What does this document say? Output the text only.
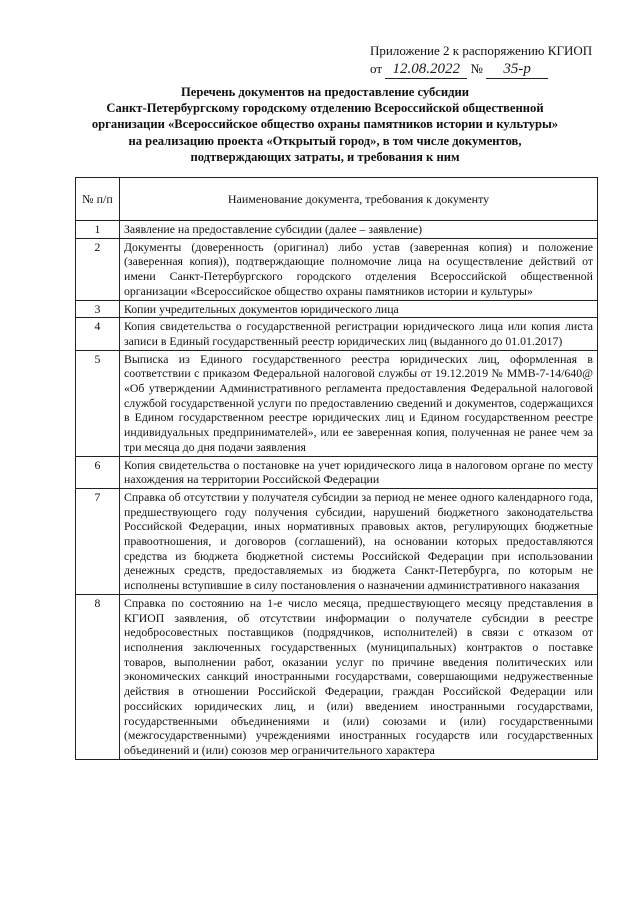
Приложение 2 к распоряжению КГИОП
от 12.08.2022 № 35-р
Перечень документов на предоставление субсидии
Санкт-Петербургскому городскому отделению Всероссийской общественной
организации «Всероссийское общество охраны памятников истории и культуры»
на реализацию проекта «Открытый город», в том числе документов,
подтверждающих затраты, и требования к ним
№ п/п	Наименование документа, требования к документу
1	Заявление на предоставление субсидии (далее – заявление)
2	Документы (доверенность (оригинал) либо устав (заверенная копия) и положение (заверенная копия)), подтверждающие полномочие лица на осуществление действий от имени Санкт-Петербургского городского отделения Всероссийской общественной организации «Всероссийское общество охраны памятников истории и культуры»
3	Копии учредительных документов юридического лица
4	Копия свидетельства о государственной регистрации юридического лица или копия листа записи в Единый государственный реестр юридических лиц (выданного до 01.01.2017)
5	Выписка из Единого государственного реестра юридических лиц, оформленная в соответствии с приказом Федеральной налоговой службы от 19.12.2019 № ММВ-7-14/640@ «Об утверждении Административного регламента предоставления Федеральной налоговой службой государственной услуги по предоставлению сведений и документов, содержащихся в Едином государственном реестре юридических лиц и Едином государственном реестре индивидуальных предпринимателей», или ее заверенная копия, полученная не ранее чем за три месяца до дня подачи заявления
6	Копия свидетельства о постановке на учет юридического лица в налоговом органе по месту нахождения на территории Российской Федерации
7	Справка об отсутствии у получателя субсидии за период не менее одного календарного года, предшествующего году получения субсидии, нарушений бюджетного законодательства Российской Федерации, иных нормативных правовых актов, регулирующих бюджетные правоотношения, и договоров (соглашений), на основании которых предоставляются средства из бюджета бюджетной системы Российской Федерации при использовании денежных средств, предоставляемых из бюджета Санкт-Петербурга, по которым не исполнены вступившие в силу постановления о назначении административного наказания
8	Справка по состоянию на 1-е число месяца, предшествующего месяцу представления в КГИОП заявления, об отсутствии информации о получателе субсидии в реестре недобросовестных поставщиков (подрядчиков, исполнителей) в связи с отказом от исполнения заключенных государственных (муниципальных) контрактов о поставке товаров, выполнении работ, оказании услуг по причине введения политических или экономических санкций иностранными государствами, совершающими недружественные действия в отношении Российской Федерации, граждан Российской Федерации или российских юридических лиц, и (или) введением иностранными государствами, государственными объединениями и (или) союзами и (или) государственными (межгосударственными) учреждениями иностранных государств или государственных объединений и (или) союзов мер ограничительного характера
